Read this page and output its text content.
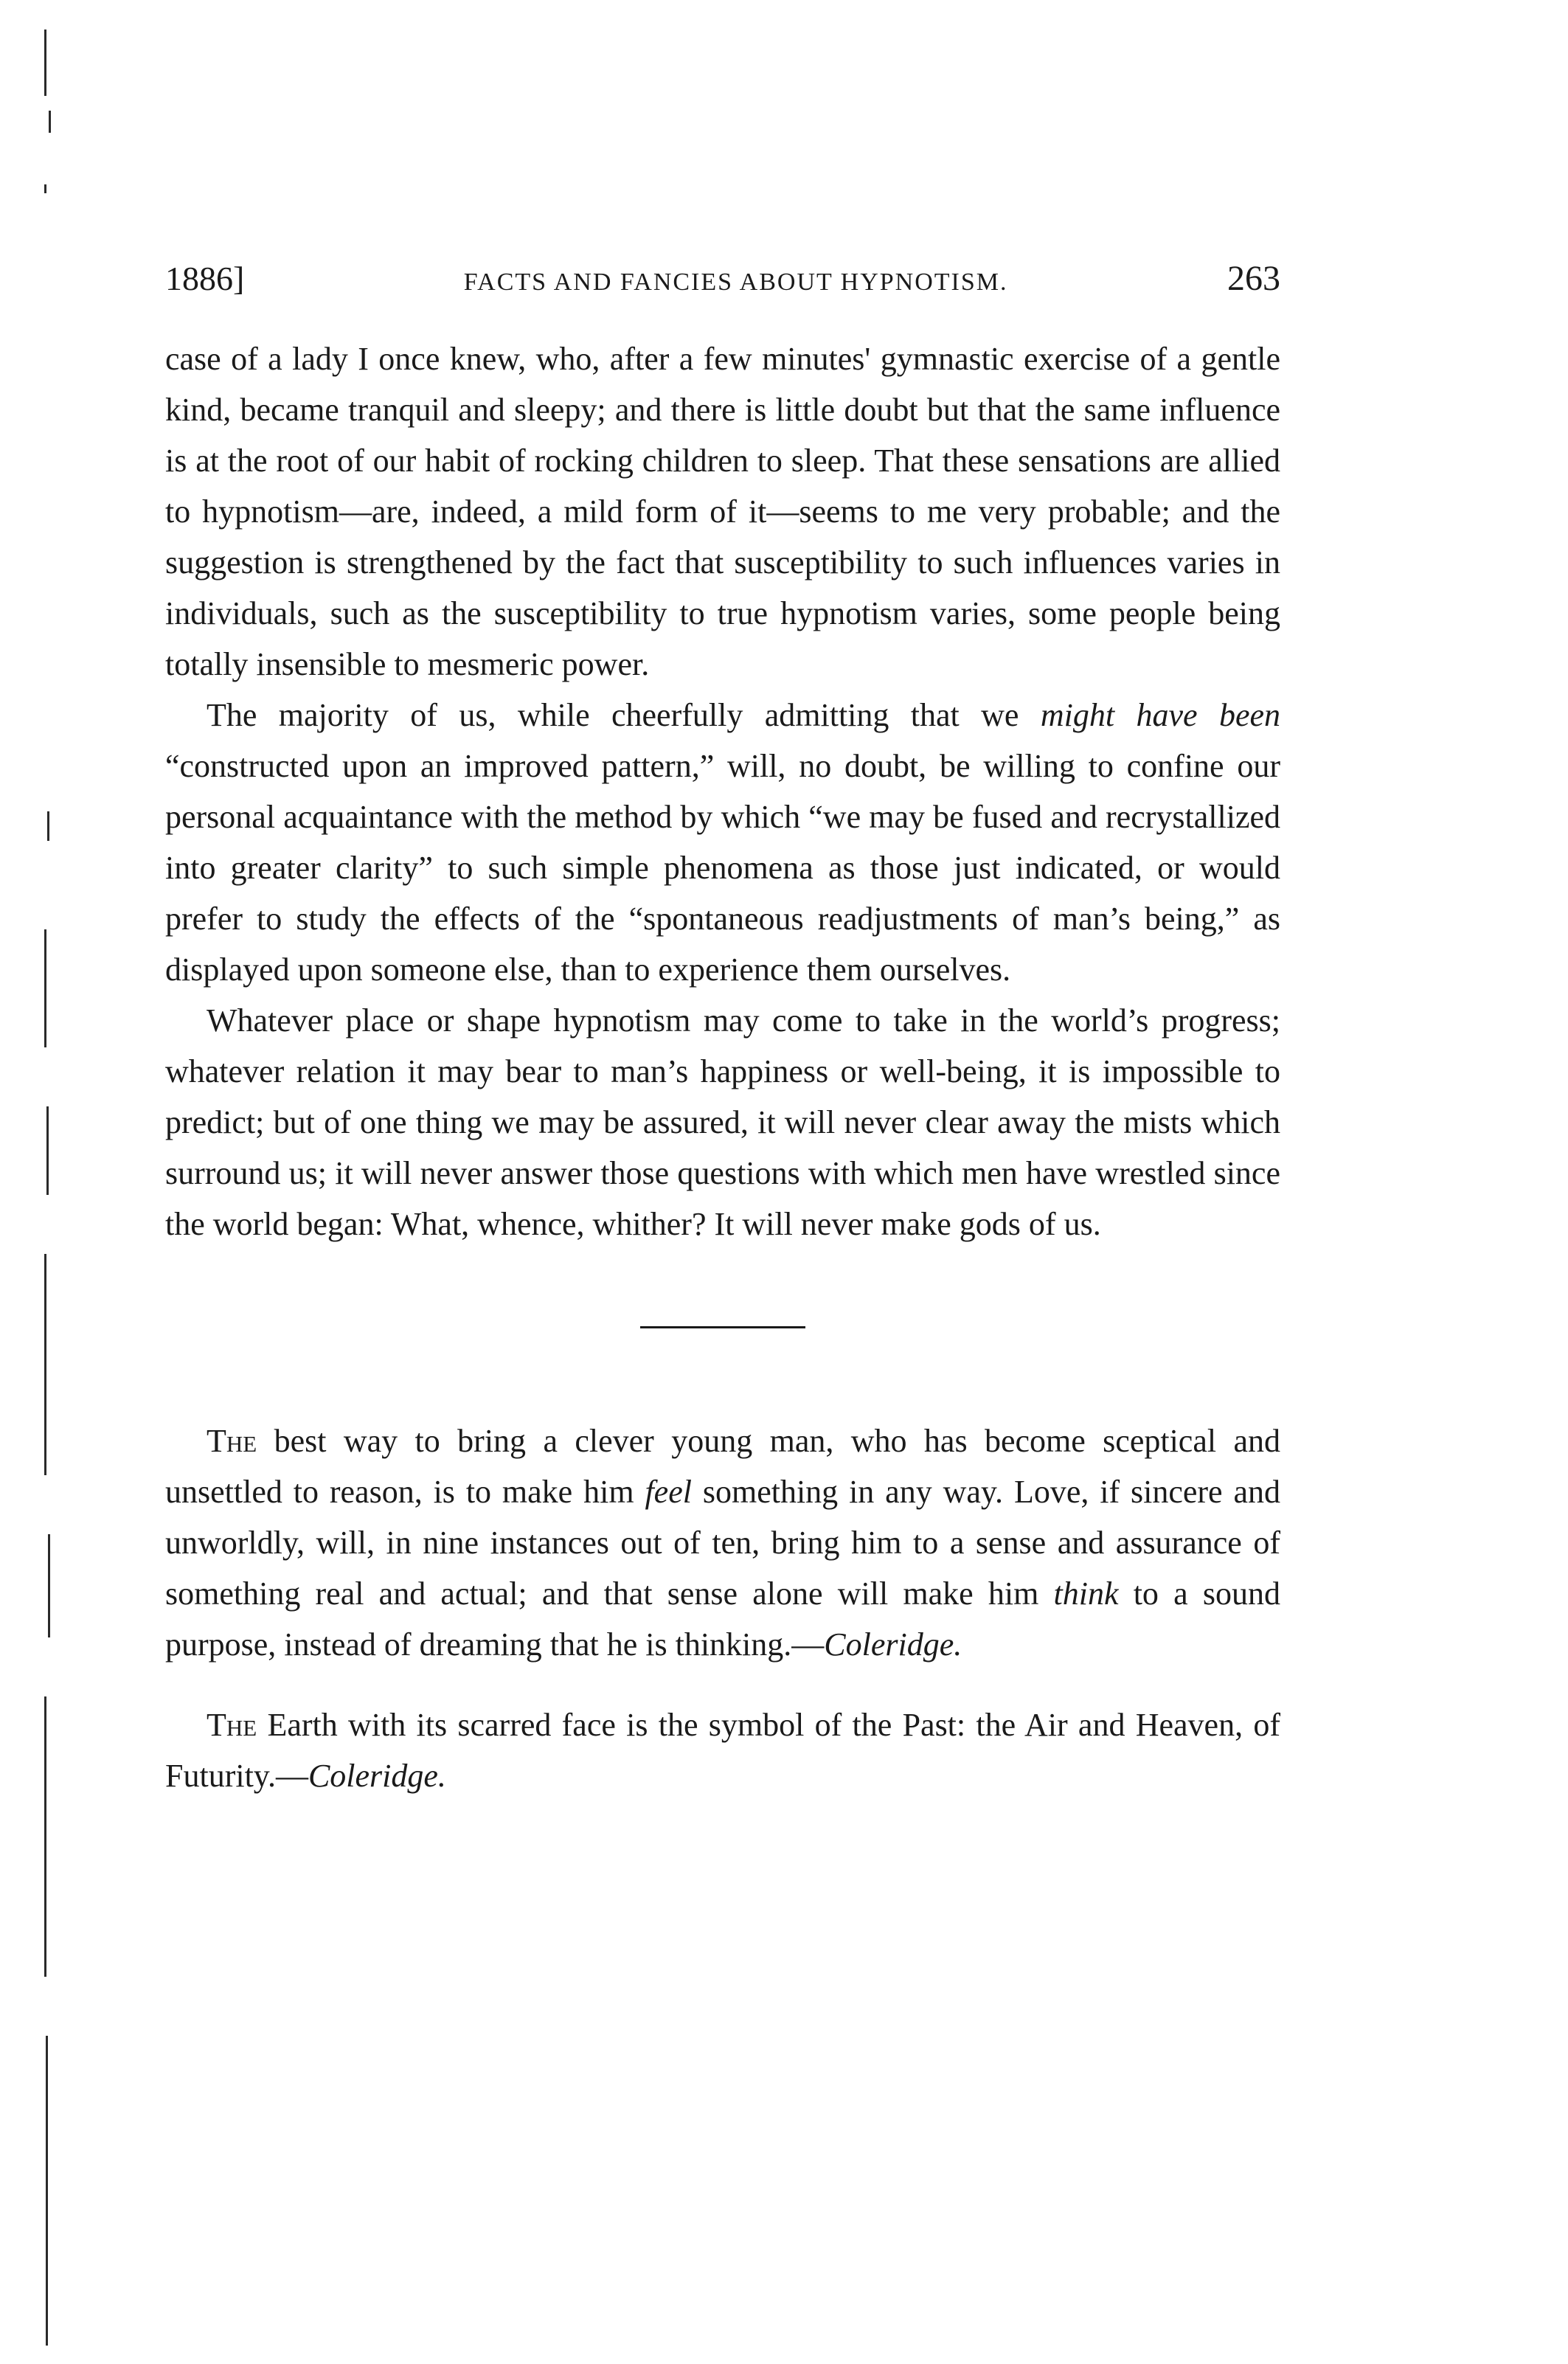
1886]	FACTS AND FANCIES ABOUT HYPNOTISM.	263

case of a lady I once knew, who, after a few minutes' gymnastic exercise of a gentle kind, became tranquil and sleepy; and there is little doubt but that the same influence is at the root of our habit of rocking children to sleep. That these sensations are allied to hypnotism—are, indeed, a mild form of it—seems to me very probable; and the suggestion is strengthened by the fact that susceptibility to such influences varies in individuals, such as the susceptibility to true hypnotism varies, some people being totally insensible to mesmeric power.

The majority of us, while cheerfully admitting that we might have been “constructed upon an improved pattern,” will, no doubt, be willing to confine our personal acquaintance with the method by which “we may be fused and recrystallized into greater clarity” to such simple phenomena as those just indicated, or would prefer to study the effects of the “spontaneous readjustments of man’s being,” as displayed upon someone else, than to experience them ourselves.

Whatever place or shape hypnotism may come to take in the world’s progress; whatever relation it may bear to man’s happiness or well-being, it is impossible to predict; but of one thing we may be assured, it will never clear away the mists which surround us; it will never answer those questions with which men have wrestled since the world began: What, whence, whither? It will never make gods of us.

The best way to bring a clever young man, who has become sceptical and unsettled to reason, is to make him feel something in any way. Love, if sincere and unworldly, will, in nine instances out of ten, bring him to a sense and assurance of something real and actual; and that sense alone will make him think to a sound purpose, instead of dreaming that he is thinking.—Coleridge.

The Earth with its scarred face is the symbol of the Past: the Air and Heaven, of Futurity.—Coleridge.
